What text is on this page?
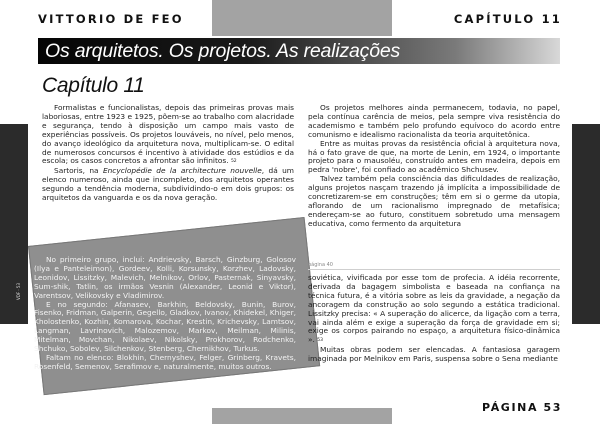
VITTORIO DE FEO	CAPÍTULO 11
Os arquitetos. Os projetos. As realizações
Capítulo 11

Formalistas e funcionalistas, depois das primeiras provas mais laboriosas, entre 1923 e 1925, põem-se ao trabalho com alacridade e segurança, tendo à disposição um campo mais vasto de experiências possíveis. Os projetos louváveis, no nível, pelo menos, do avanço ideológico da arquitetura nova, multiplicam-se. O edital de numerosos concursos é incentivo à atividade dos estúdios e da escola; os casos concretos a afrontar são infinitos. 52

Sartoris, na Encyclopédie de la architecture nouvelle, dá um elenco numeroso, ainda que incompleto, dos arquitetos operantes segundo a tendência moderna, subdividindo-o em dois grupos: os arquitetos da vanguarda e os da nova geração.

No primeiro grupo, inclui: Andrievsky, Barsch, Ginzburg, Golosov (Ilya e Panteleimon), Gordeev, Kolli, Korsunsky, Korzhev, Ladovsky, Leonidov, Lissitzky, Malevich, Melnikov, Orlov, Pasternak, Sinyavsky, Sum-shik, Tatlin, os irmãos Vesnin (Alexander, Leonid e Viktor), Varentsov, Velikovsky e Vladimirov.

E no segundo: Afanasev, Barkhin, Beldovsky, Bunin, Burov, Fisenko, Fridman, Galperin, Gegello, Gladkov, Ivanov, Khidekel, Khiger, Kholostenko, Kozhin, Komarova, Kochar, Krestin, Krichevsky, Lamtsov, Langman, Lavrinovich, Malozemov, Markov, Meilman, Milinis, Mitelman, Movchan, Nikolaev, Nikolsky, Prokhorov, Rodchenko, Shchuko, Sobolev, Silchenkov, Stenberg, Chernikhov, Turkus.

Faltam no elenco: Blokhin, Chernyshev, Felger, Grinberg, Kravets, Rosenfeld, Semenov, Serafimov e, naturalmente, muitos outros.

VDF · 53

Os projetos melhores ainda permanecem, todavia, no papel, pela contínua carência de meios, pela sempre viva resistência do academismo e também pelo profundo equívoco do acordo entre comunismo e idealismo racionalista da teoria arquitetônica.

Entre as muitas provas da resistência oficial à arquitetura nova, há o fato grave de que, na morte de Lenin, em 1924, o importante projeto para o mausoléu, construído antes em madeira, depois em pedra 'nobre', foi confiado ao acadêmico Shchusev.

Talvez também pela consciência das dificuldades de realização, alguns projetos nasçam trazendo já implícita a impossibilidade de concretizarem-se em construções; têm em si o germe da utopia, aflorando de um racionalismo impregnado de metafísica; endereçam-se ao futuro, constituem sobretudo uma mensagem educativa, como fermento da arquitetura

página 40

soviética, vivificada por esse tom de profecia. A idéia recorrente, derivada da bagagem simbolista e baseada na confiança na técnica futura, é a vitória sobre as leis da gravidade, a negação da ancoragem da construção ao solo segundo a estática tradicional. Lissitzky precisa: « A superação do alicerce, da ligação com a terra, vai ainda além e exige a superação da força de gravidade em si; exige os corpos pairando no espaço, a arquitetura físico-dinâmica ». 53

Muitas obras podem ser elencadas. A fantasiosa garagem imaginada por Melnikov em Paris, suspensa sobre o Sena mediante

PÁGINA 53
